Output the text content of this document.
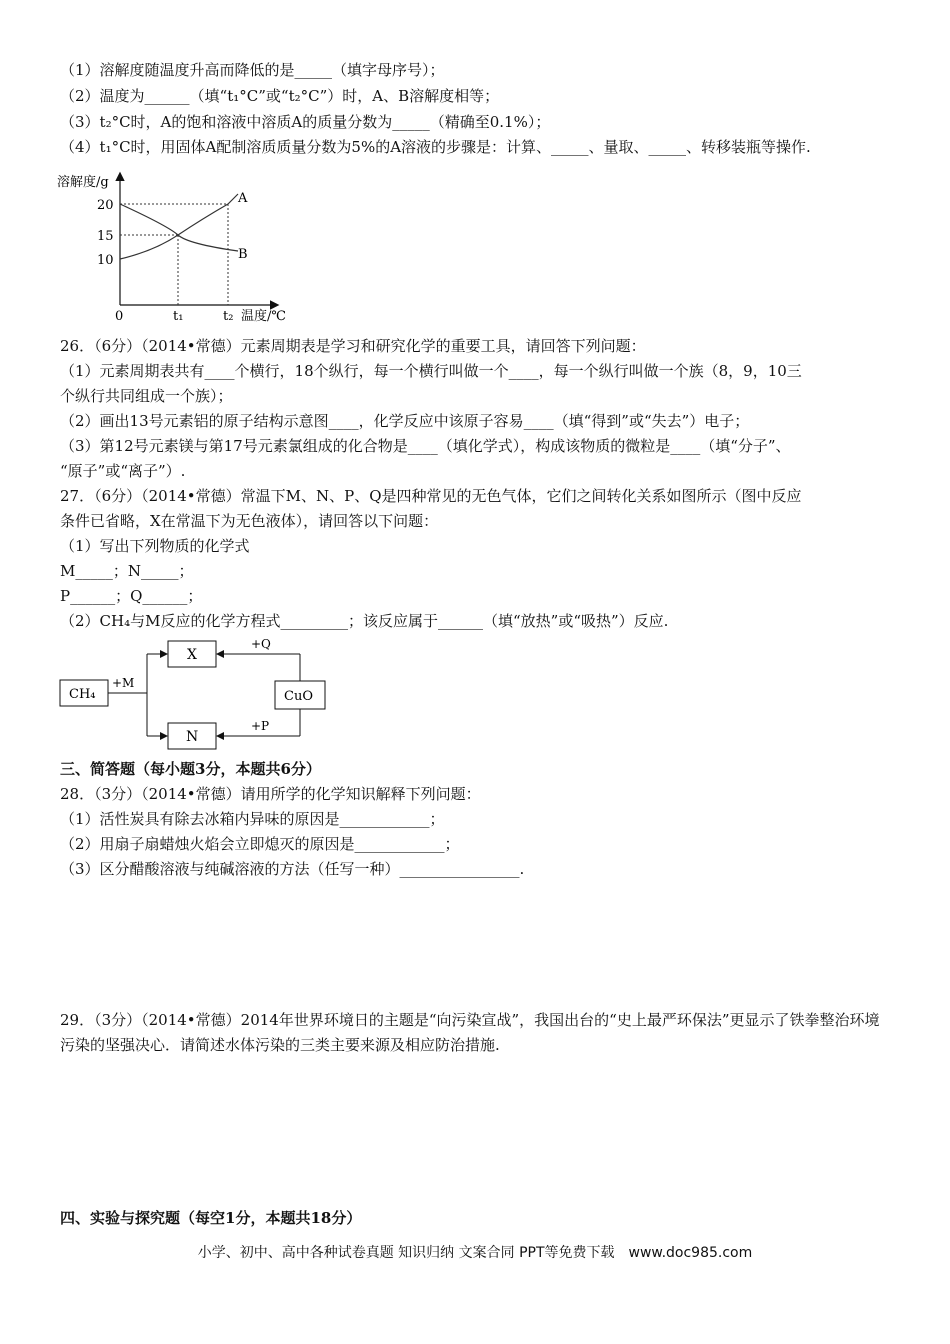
（1）溶解度随温度升高而降低的是_____（填字母序号）；
（2）温度为______（填“t₁°C”或“t₂°C”）时，A、B溶解度相等；
（3）t₂°C时，A的饱和溶液中溶质A的质量分数为_____（精确至0.1%）；
（4）t₁°C时，用固体A配制溶质质量分数为5%的A溶液的步骤是：计算、_____、量取、_____、转移装瓶等操作.
溶解度/g
温度/℃
20
15
10
0	t₁	t₂
A
B
26．（6分）（2014•常德）元素周期表是学习和研究化学的重要工具，请回答下列问题：
（1）元素周期表共有____个横行，18个纵行，每一个横行叫做一个____，每一个纵行叫做一个族（8，9，10三
个纵行共同组成一个族）；
（2）画出13号元素铝的原子结构示意图____，化学反应中该原子容易____（填“得到”或“失去”）电子；
（3）第12号元素镁与第17号元素氯组成的化合物是____（填化学式），构成该物质的微粒是____（填“分子”、
“原子”或“离子”）.
27．（6分）（2014•常德）常温下M、N、P、Q是四种常见的无色气体，它们之间转化关系如图所示（图中反应
条件已省略，X在常温下为无色液体），请回答以下问题：
（1）写出下列物质的化学式
M_____；N_____；
P______；Q______；
（2）CH₄与M反应的化学方程式_________；该反应属于______（填“放热”或“吸热”）反应.
CH₄
X
N
CuO
+M
+Q
+P
三、简答题（每小题3分，本题共6分）
28．（3分）（2014•常德）请用所学的化学知识解释下列问题：
（1）活性炭具有除去冰箱内异味的原因是____________；
（2）用扇子扇蜡烛火焰会立即熄灭的原因是____________；
（3）区分醋酸溶液与纯碱溶液的方法（任写一种）________________.
29．（3分）（2014•常德）2014年世界环境日的主题是“向污染宣战”，我国出台的“史上最严环保法”更显示了铁拳整治环境污染的坚强决心．请简述水体污染的三类主要来源及相应防治措施.
四、实验与探究题（每空1分，本题共18分）
小学、初中、高中各种试卷真题 知识归纳 文案合同 PPT等免费下载　www.doc985.com
